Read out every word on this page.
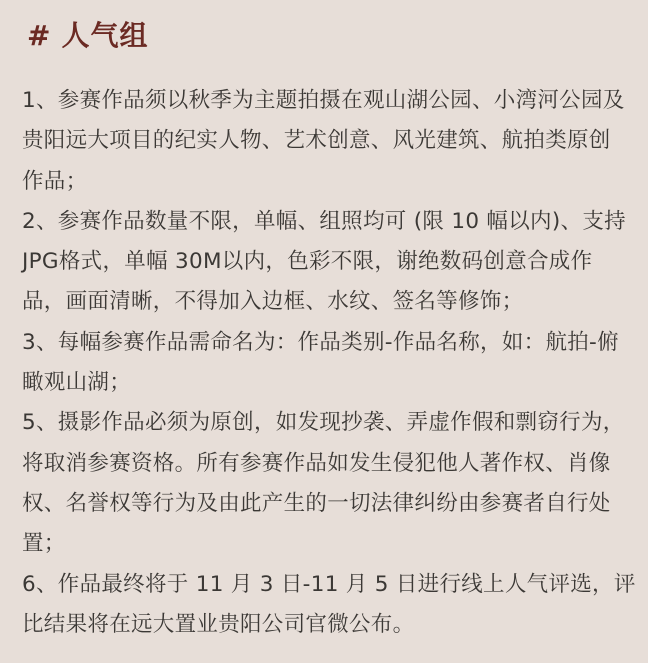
# 人气组
1、参赛作品须以秋季为主题拍摄在观山湖公园、小湾河公园及
贵阳远大项目的纪实人物、艺术创意、风光建筑、航拍类原创
作品；
2、参赛作品数量不限，单幅、组照均可 (限 10 幅以内)、支持
JPG格式，单幅 30M以内，色彩不限，谢绝数码创意合成作
品，画面清晰，不得加入边框、水纹、签名等修饰；
3、每幅参赛作品需命名为：作品类别-作品名称，如：航拍-俯
瞰观山湖；
5、摄影作品必须为原创，如发现抄袭、弄虚作假和剽窃行为，
将取消参赛资格。所有参赛作品如发生侵犯他人著作权、肖像
权、名誉权等行为及由此产生的一切法律纠纷由参赛者自行处
置；
6、作品最终将于 11 月 3 日-11 月 5 日进行线上人气评选，评
比结果将在远大置业贵阳公司官微公布。
